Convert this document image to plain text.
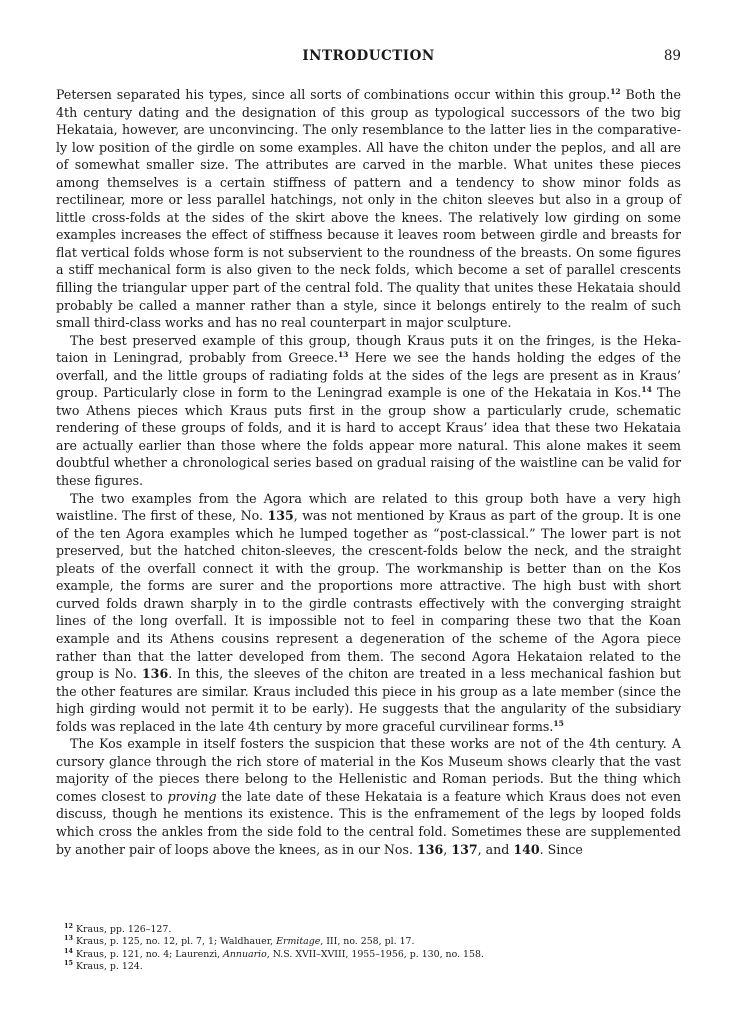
INTRODUCTION	89

Petersen separated his types, since all sorts of combinations occur within this group.$^{12}$ Both the 4th century dating and the designation of this group as typological successors of the two big Hekataia, however, are unconvincing. The only resemblance to the latter lies in the comparatively low position of the girdle on some examples. All have the chiton under the peplos, and all are of somewhat smaller size. The attributes are carved in the marble. What unites these pieces among themselves is a certain stiffness of pattern and a tendency to show minor folds as rectilinear, more or less parallel hatchings, not only in the chiton sleeves but also in a group of little cross-folds at the sides of the skirt above the knees. The relatively low girding on some examples increases the effect of stiffness because it leaves room between girdle and breasts for flat vertical folds whose form is not subservient to the roundness of the breasts. On some figures a stiff mechanical form is also given to the neck folds, which become a set of parallel crescents filling the triangular upper part of the central fold. The quality that unites these Hekataia should probably be called a manner rather than a style, since it belongs entirely to the realm of such small third-class works and has no real counterpart in major sculpture.

The best preserved example of this group, though Kraus puts it on the fringes, is the Hekataion in Leningrad, probably from Greece.$^{13}$ Here we see the hands holding the edges of the overfall, and the little groups of radiating folds at the sides of the legs are present as in Kraus’ group. Particularly close in form to the Leningrad example is one of the Hekataia in Kos.$^{14}$ The two Athens pieces which Kraus puts first in the group show a particularly crude, schematic rendering of these groups of folds, and it is hard to accept Kraus’ idea that these two Hekataia are actually earlier than those where the folds appear more natural. This alone makes it seem doubtful whether a chronological series based on gradual raising of the waistline can be valid for these figures.

The two examples from the Agora which are related to this group both have a very high waistline. The first of these, No. 135, was not mentioned by Kraus as part of the group. It is one of the ten Agora examples which he lumped together as “post-classical.” The lower part is not preserved, but the hatched chiton-sleeves, the crescent-folds below the neck, and the straight pleats of the overfall connect it with the group. The workmanship is better than on the Kos example, the forms are surer and the proportions more attractive. The high bust with short curved folds drawn sharply in to the girdle contrasts effectively with the converging straight lines of the long overfall. It is impossible not to feel in comparing these two that the Koan example and its Athens cousins represent a degeneration of the scheme of the Agora piece rather than that the latter developed from them. The second Agora Hekataion related to the group is No. 136. In this, the sleeves of the chiton are treated in a less mechanical fashion but the other features are similar. Kraus included this piece in his group as a late member (since the high girding would not permit it to be early). He suggests that the angularity of the subsidiary folds was replaced in the late 4th century by more graceful curvilinear forms.$^{15}$

The Kos example in itself fosters the suspicion that these works are not of the 4th century. A cursory glance through the rich store of material in the Kos Museum shows clearly that the vast majority of the pieces there belong to the Hellenistic and Roman periods. But the thing which comes closest to proving the late date of these Hekataia is a feature which Kraus does not even discuss, though he mentions its existence. This is the enframement of the legs by looped folds which cross the ankles from the side fold to the central fold. Sometimes these are supplemented by another pair of loops above the knees, as in our Nos. 136, 137, and 140. Since

$^{12}$ Kraus, pp. 126–127.

$^{13}$ Kraus, p. 125, no. 12, pl. 7, 1; Waldhauer, Ermitage, III, no. 258, pl. 17.

$^{14}$ Kraus, p. 121, no. 4; Laurenzi, Annuario, N.S. XVII–XVIII, 1955–1956, p. 130, no. 158.

$^{15}$ Kraus, p. 124.
